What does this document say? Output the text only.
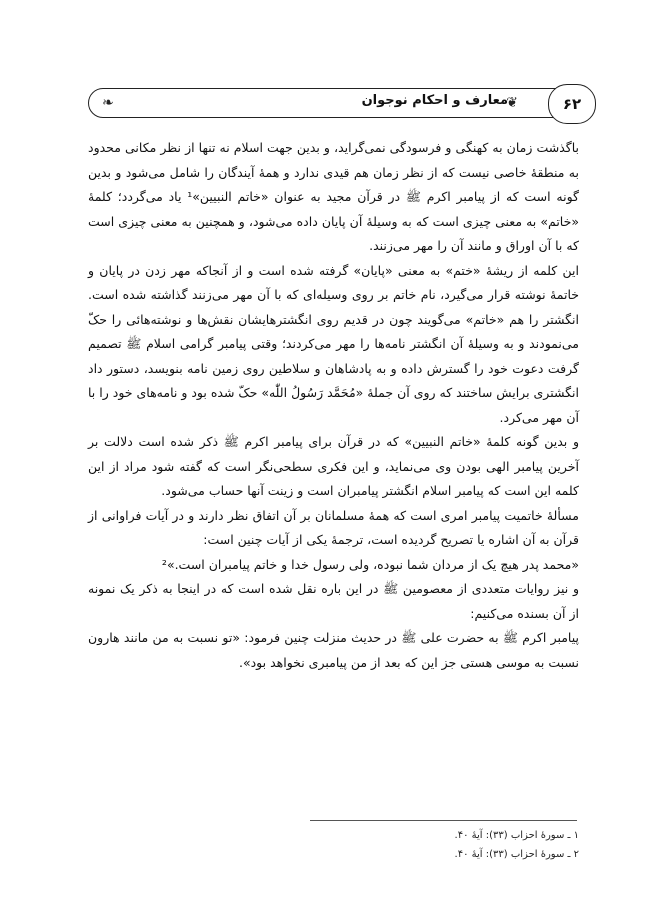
❦
معارف و احکام نوجوان
❧	۶۲

باگذشت زمان به کهنگی و فرسودگی نمی‌گراید، و بدین جهت اسلام نه تنها از نظر مکانی محدود به منطقهٔ خاصی نیست که از نظر زمان هم قیدی ندارد و همهٔ آیندگان را شامل می‌شود و بدین گونه است که از پیامبر اکرم ﷺ در قرآن مجید به عنوان «خاتم النبیین»¹ یاد می‌گردد؛ کلمهٔ «خاتم» به معنی چیزی است که به وسیلهٔ آن پایان داده می‌شود، و همچنین به معنی چیزی است که با آن اوراق و مانند آن را مهر می‌زنند.

این کلمه از ریشهٔ «ختم» به معنی «پایان» گرفته شده است و از آنجاکه مهر زدن در پایان و خاتمهٔ نوشته قرار می‌گیرد، نام خاتم بر روی وسیله‌ای که با آن مهر می‌زنند گذاشته شده است. انگشتر را هم «خاتم» می‌گویند چون در قدیم روی انگشترهایشان نقش‌ها و نوشته‌هائی را حکّ می‌نمودند و به وسیلهٔ آن انگشتر نامه‌ها را مهر می‌کردند؛ وقتی پیامبر گرامی اسلام ﷺ تصمیم گرفت دعوت خود را گسترش داده و به پادشاهان و سلاطین روی زمین نامه بنویسد، دستور داد انگشتری برایش ساختند که روی آن جملهٔ «مُحَمَّد رَسُولُ اللّٰه» حکّ شده بود و نامه‌های خود را با آن مهر می‌کرد.

و بدین گونه کلمهٔ «خاتم النبیین» که در قرآن برای پیامبر اکرم ﷺ ذکر شده است دلالت بر آخرین پیامبر الهی بودن وی می‌نماید، و این فکری سطحی‌نگر است که گفته شود مراد از این کلمه این است که پیامبر اسلام انگشتر پیامبران است و زینت آنها حساب می‌شود.

مسألهٔ خاتمیت پیامبر امری است که همهٔ مسلمانان بر آن اتفاق نظر دارند و در آیات فراوانی از قرآن به آن اشاره یا تصریح گردیده است، ترجمهٔ یکی از آیات چنین است:

«محمد پدر هیچ یک از مردان شما نبوده، ولی رسول خدا و خاتم پیامبران است.»²

و نیز روایات متعددی از معصومین ﷺ در این باره نقل شده است که در اینجا به ذکر یک نمونه از آن بسنده می‌کنیم:

پیامبر اکرم ﷺ به حضرت علی ﷺ در حدیث منزلت چنین فرمود: «تو نسبت به من مانند هارون نسبت به موسی هستی جز این که بعد از من پیامبری نخواهد بود».

۱ ـ سورهٔ احزاب (۳۳): آیهٔ ۴۰.
۲ ـ سورهٔ احزاب (۳۳): آیهٔ ۴۰.
